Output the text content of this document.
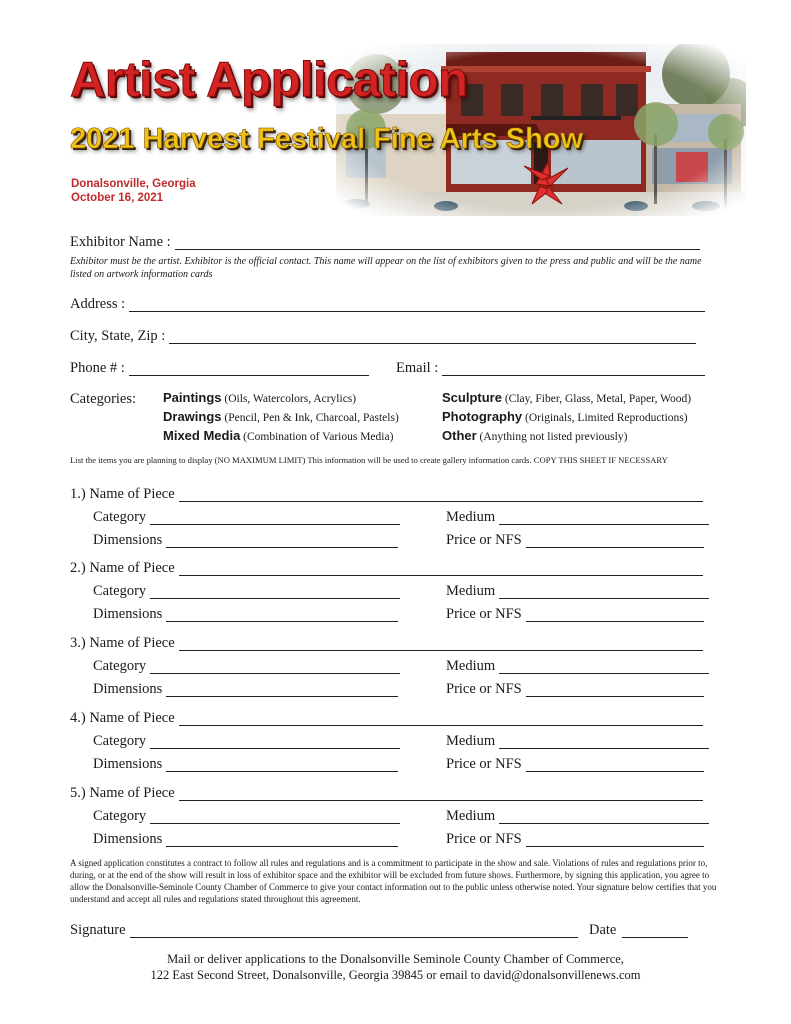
Artist Application
2021 Harvest Festival Fine Arts Show
Donalsonville, Georgia
October 16, 2021
Exhibitor Name :
Exhibitor must be the artist. Exhibitor is the official contact. This name will appear on the list of exhibitors given to the press and public and will be the name listed on artwork information cards
Address :
City, State, Zip :
Phone # :	Email :
Categories: Paintings (Oils, Watercolors, Acrylics)
Drawings (Pencil, Pen & Ink, Charcoal, Pastels)
Mixed Media (Combination of Various Media)
Sculpture (Clay, Fiber, Glass, Metal, Paper, Wood)
Photography (Originals, Limited Reproductions)
Other (Anything not listed previously)
List the items you are planning to display (NO MAXIMUM LIMIT) This information will be used to create gallery information cards. COPY THIS SHEET IF NECESSARY
1.) Name of Piece
Category	Medium
Dimensions	Price or NFS
2.) Name of Piece
Category	Medium
Dimensions	Price or NFS
3.) Name of Piece
Category	Medium
Dimensions	Price or NFS
4.) Name of Piece
Category	Medium
Dimensions	Price or NFS
5.) Name of Piece
Category	Medium
Dimensions	Price or NFS
A signed application constitutes a contract to follow all rules and regulations and is a commitment to participate in the show and sale. Violations of rules and regulations prior to, during, or at the end of the show will result in loss of exhibitor space and the exhibitor will be excluded from future shows. Furthermore, by signing this application, you agree to allow the Donalsonville-Seminole County Chamber of Commerce to give your contact information out to the public unless otherwise noted. Your signature below certifies that you understand and accept all rules and regulations stated throughout this agreement.
Signature	Date
Mail or deliver applications to the Donalsonville Seminole County Chamber of Commerce,
122 East Second Street, Donalsonville, Georgia 39845 or email to david@donalsonvillenews.com
